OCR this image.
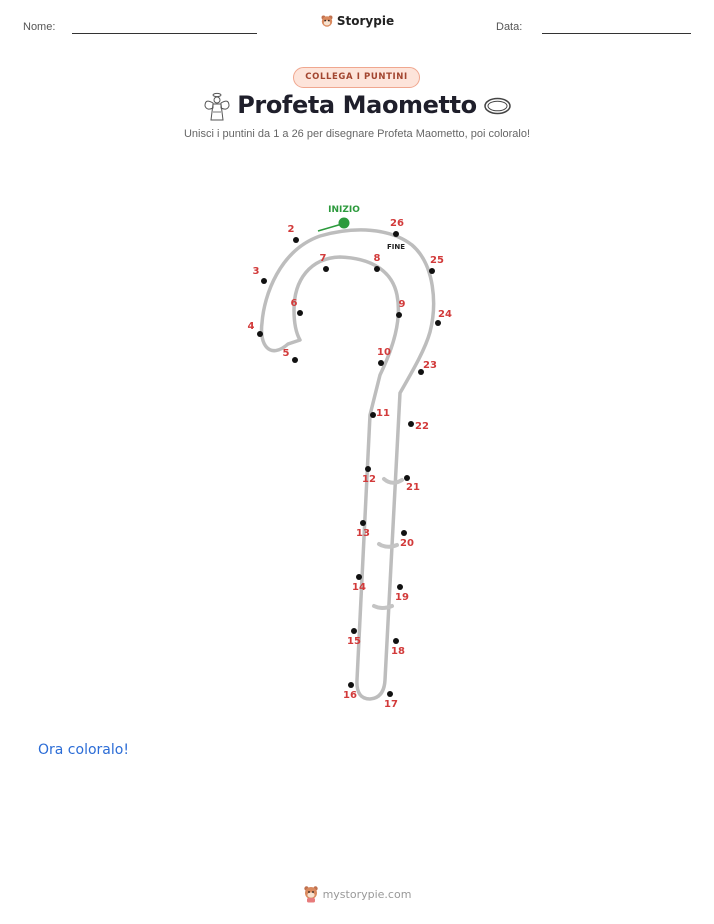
Nome:	Data:
Storypie
COLLEGA I PUNTINI
Profeta Maometto
Unisci i puntini da 1 a 26 per disegnare Profeta Maometto, poi coloralo!
2
3
4
5
6
7	8
9
10
11
12
13
14
15
16
17
18
19
20
21
22
23
24
25
26
INIZIO
FINE
Ora coloralo!
mystorypie.com
